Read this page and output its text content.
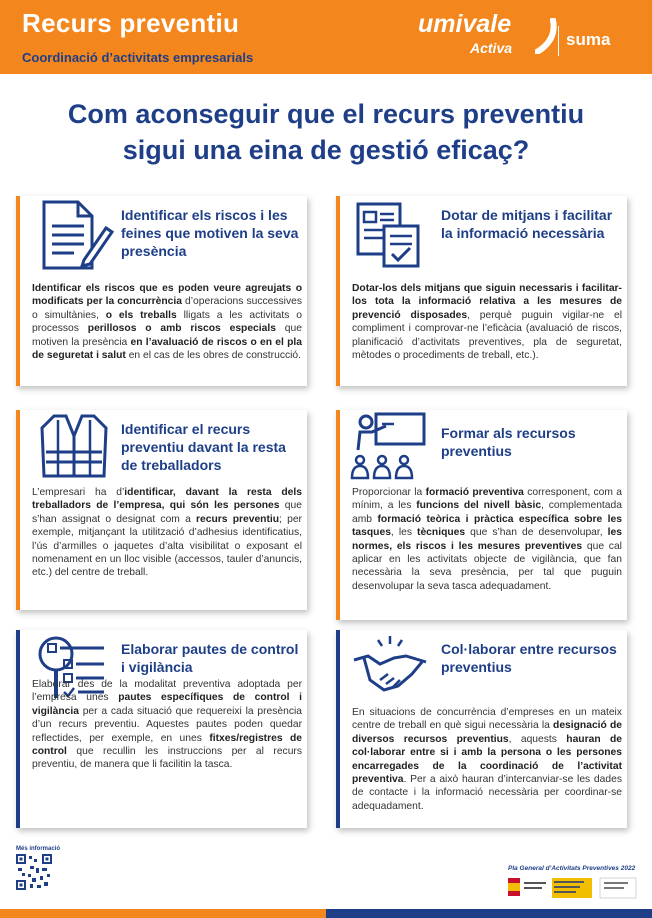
Recurs preventiu
Coordinació d’activitats empresarials
umivale
Activa	suma
Com aconseguir que el recurs preventiu
sigui una eina de gestió eficaç?
Identificar els riscos i les feines que motiven la seva presència
Identificar els riscos que es poden veure agreujats o modificats per la concurrència d’operacions successives o simultànies, o els treballs lligats a les activitats o processos perillosos o amb riscos especials que motiven la presència en l’avaluació de riscos o en el pla de seguretat i salut en el cas de les obres de construcció.
Dotar de mitjans i facilitar la informació necessària
Dotar-los dels mitjans que siguin necessaris i facilitar-los tota la informació relativa a les mesures de prevenció disposades, perquè puguin vigilar-ne el compliment i comprovar-ne l’eficàcia (avaluació de riscos, planificació d’activitats preventives, pla de seguretat, mètodes o procediments de treball, etc.).
Identificar el recurs preventiu davant la resta de treballadors
L’empresari ha d’identificar, davant la resta dels treballadors de l’empresa, qui són les persones que s’han assignat o designat com a recurs preventiu; per exemple, mitjançant la utilització d’adhesius identificatius, l’ús d’armilles o jaquetes d’alta visibilitat o exposant el nomenament en un lloc visible (accessos, tauler d’anuncis, etc.) del centre de treball.
Formar als recursos preventius
Proporcionar la formació preventiva corresponent, com a mínim, a les funcions del nivell bàsic, complementada amb formació teòrica i pràctica específica sobre les tasques, les tècniques que s’han de desenvolupar, les normes, els riscos i les mesures preventives que cal aplicar en les activitats objecte de vigilància, que fan necessària la seva presència, per tal que puguin desenvolupar la seva tasca adequadament.
Elaborar pautes de control i vigilància
Elaborar des de la modalitat preventiva adoptada per l’empresa unes pautes específiques de control i vigilància per a cada situació que requereixi la presència d’un recurs preventiu. Aquestes pautes poden quedar reflectides, per exemple, en unes fitxes/registres de control que recullin les instruccions per al recurs preventiu, de manera que li facilitin la tasca.
Col·laborar entre recursos preventius
En situacions de concurrència d’empreses en un mateix centre de treball en què sigui necessària la designació de diversos recursos preventius, aquests hauran de col·laborar entre si i amb la persona o les persones encarregades de la coordinació de l’activitat preventiva. Per a això hauran d’intercanviar-se les dades de contacte i la informació necessària per coordinar-se adequadament.
Més informació
Pla General d’Activitats Preventives 2022
